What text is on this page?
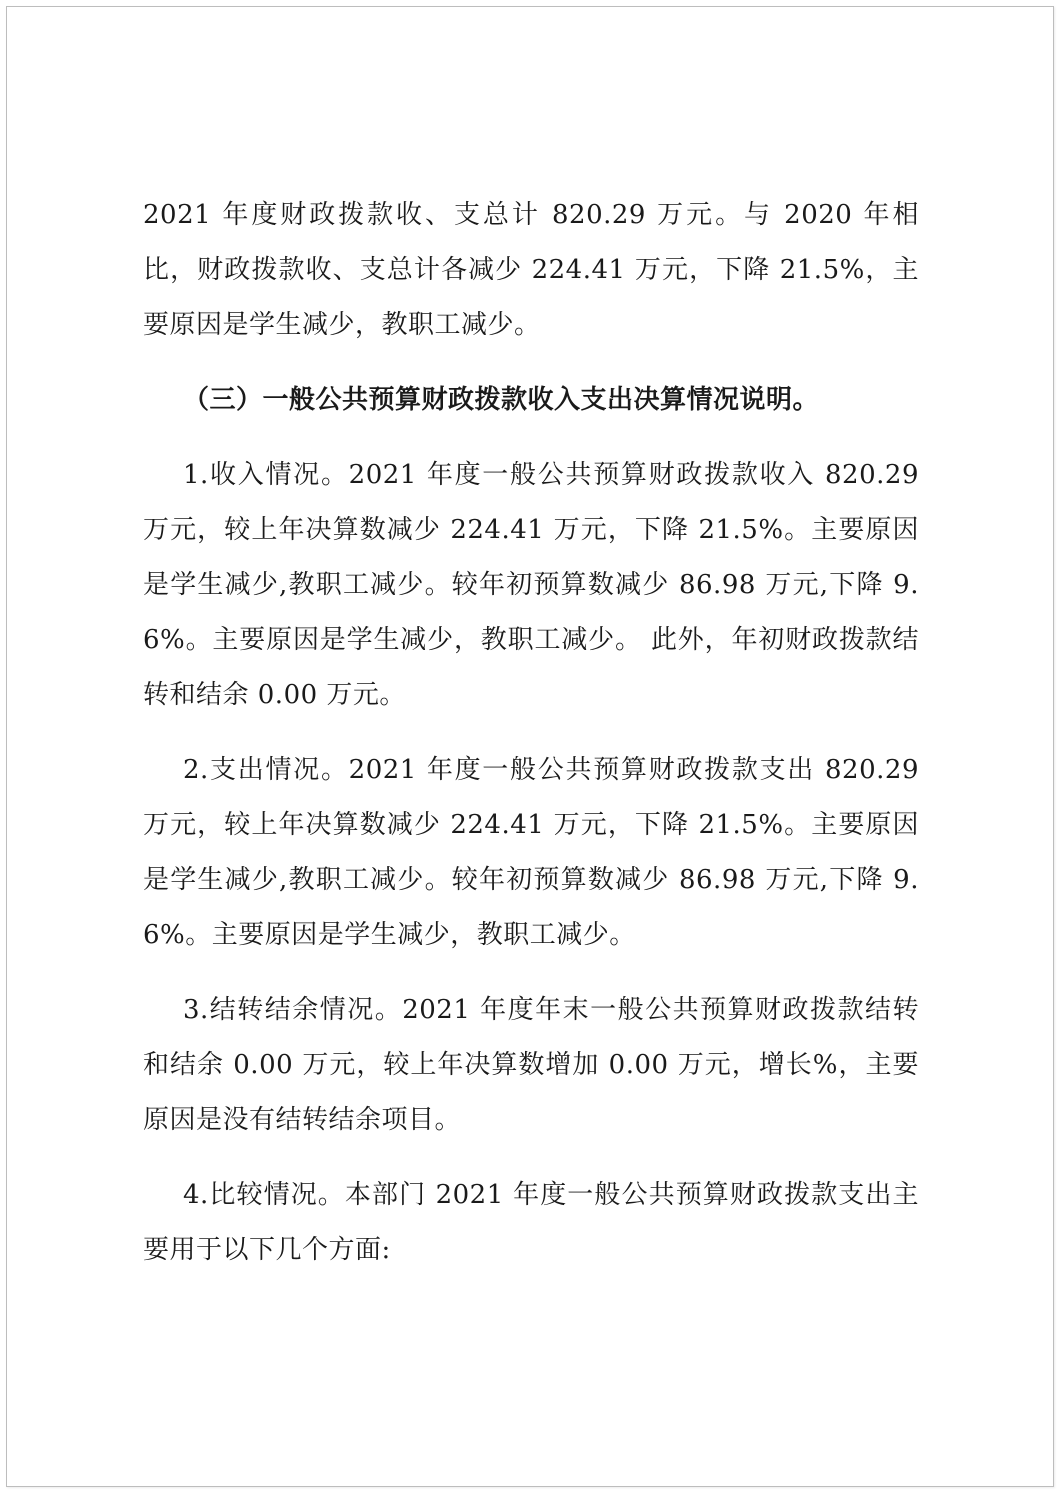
2021 年度财政拨款收、支总计 820.29 万元。与 2020 年相比，财政拨款收、支总计各减少 224.41 万元，下降 21.5%，主要原因是学生减少，教职工减少。

（三）一般公共预算财政拨款收入支出决算情况说明。

1.收入情况。2021 年度一般公共预算财政拨款收入 820.29 万元，较上年决算数减少 224.41 万元，下降 21.5%。主要原因是学生减少,教职工减少。较年初预算数减少 86.98 万元,下降 9.6%。主要原因是学生减少，教职工减少。 此外，年初财政拨款结转和结余 0.00 万元。

2.支出情况。2021 年度一般公共预算财政拨款支出 820.29 万元，较上年决算数减少 224.41 万元，下降 21.5%。主要原因是学生减少,教职工减少。较年初预算数减少 86.98 万元,下降 9.6%。主要原因是学生减少，教职工减少。

3.结转结余情况。2021 年度年末一般公共预算财政拨款结转和结余 0.00 万元，较上年决算数增加 0.00 万元，增长%，主要原因是没有结转结余项目。

4.比较情况。本部门 2021 年度一般公共预算财政拨款支出主要用于以下几个方面:
